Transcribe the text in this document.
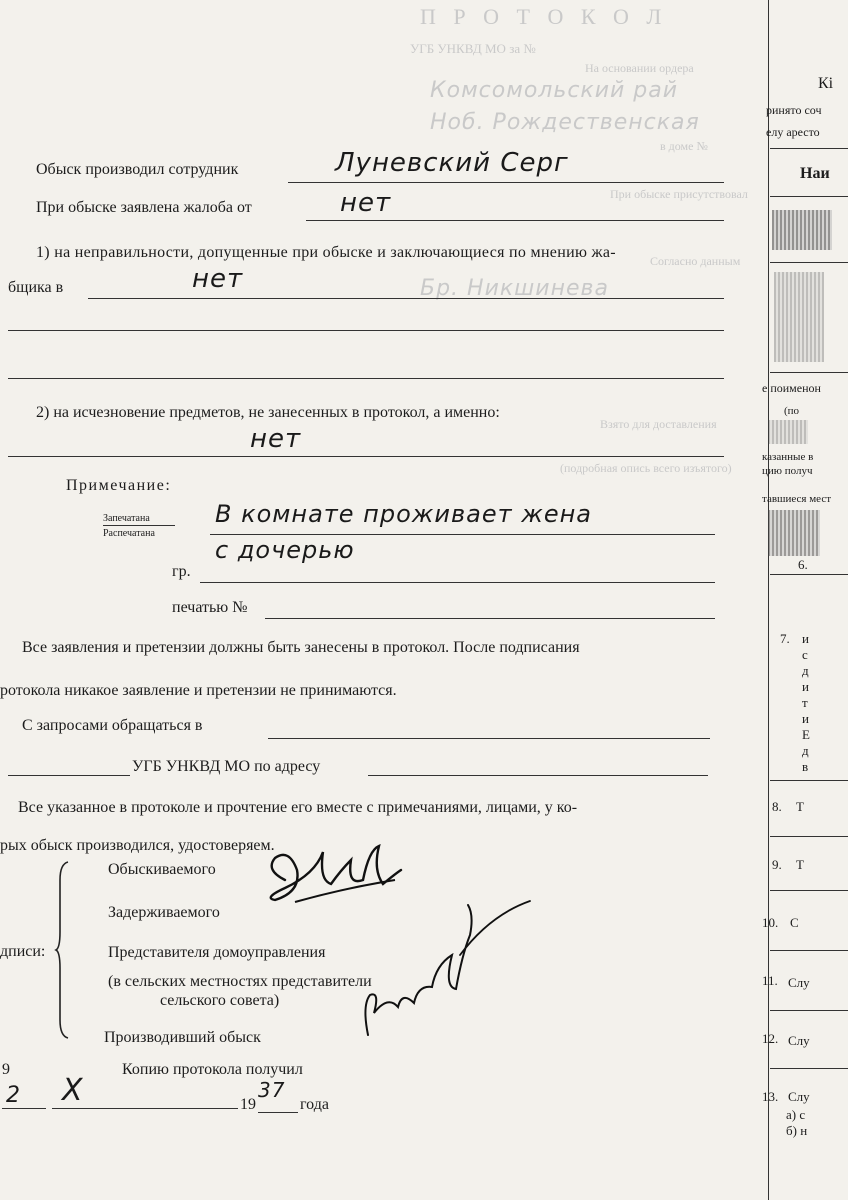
П Р О Т О К О Л
УГБ УНКВД МО за №
На основании ордера
в доме №
При обыске присутствовал
Согласно данным
Взято для доставления
(подробная опись всего изъятого)
Комсомольский рай
Ноб. Рождественская
Бр. Никшинева
Обыск производил сотрудник	Луневский Серг
При обыске заявлена жалоба от	нет
1) на неправильности, допущенные при обыске и заключающиеся по мнению жа-
бщика в	нет
2) на исчезновение предметов, не занесенных в протокол, а именно:
нет
Примечание:
Запечатана
Распечатана
В комнате проживает жена
с дочерью
гр.
печатью №
Все заявления и претензии должны быть занесены в протокол. После подписания
ротокола никакое заявление и претензии не принимаются.
С запросами обращаться в
УГБ УНКВД МО по адресу
Все указанное в протоколе и прочтение его вместе с примечаниями, лицами, у ко-
рых обыск производился, удостоверяем.
дписи:
Обыскиваемого
Задерживаемого
Представителя домоуправления
(в сельских местностях представители
сельского совета)
Производивший обыск
Копию протокола получил
9
2 X	19
37
года
Кі
ринято соч
елу аресто
Наи
е поименон
(по
казанные в
цию получ
тавшиеся мест
6.
7. и
с
д
и
т
и
Е
д
в
8. Т
9. Т
10. С
11. Слу
12. Слу
13. Слу
а) с
б) н
